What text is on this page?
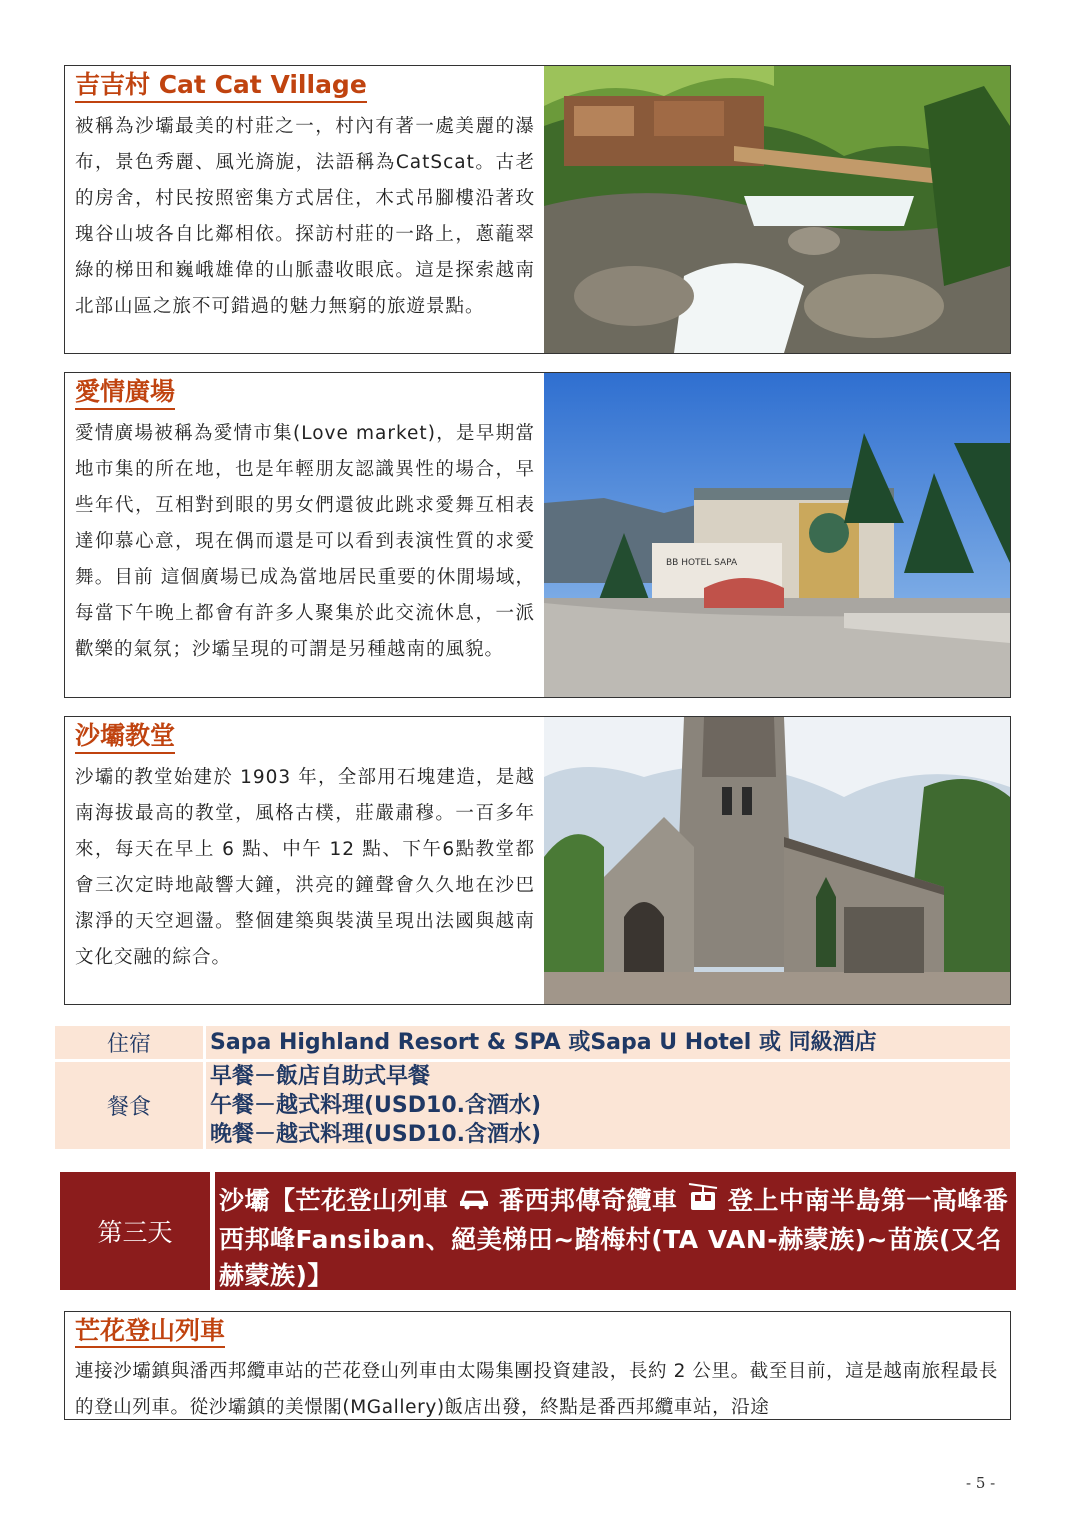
吉吉村 Cat Cat Village

被稱為沙壩最美的村莊之一，村內有著一處美麗的瀑布，景色秀麗、風光旖旎，法語稱為CatScat。古老的房舍，村民按照密集方式居住，木式吊腳樓沿著玫瑰谷山坡各自比鄰相依。探訪村莊的一路上，蔥蘢翠綠的梯田和巍峨雄偉的山脈盡收眼底。這是探索越南北部山區之旅不可錯過的魅力無窮的旅遊景點。

愛情廣場

愛情廣場被稱為愛情市集(Love market)，是早期當地市集的所在地，也是年輕朋友認識異性的場合，早些年代，互相對到眼的男女們還彼此跳求愛舞互相表達仰慕心意，現在偶而還是可以看到表演性質的求愛舞。目前 這個廣場已成為當地居民重要的休閒場域，每當下午晚上都會有許多人聚集於此交流休息，一派歡樂的氣氛；沙壩呈現的可謂是另種越南的風貌。

BB HOTEL SAPA
沙壩教堂

沙壩的教堂始建於 1903 年，全部用石塊建造，是越南海拔最高的教堂，風格古樸，莊嚴肅穆。一百多年來，每天在早上 6 點、中午 12 點、下午6點教堂都會三次定時地敲響大鐘，洪亮的鐘聲會久久地在沙巴潔淨的天空迴盪。整個建築與裝潢呈現出法國與越南文化交融的綜合。

住宿	Sapa Highland Resort & SPA 或Sapa U Hotel 或 同級酒店
餐食
早餐－飯店自助式早餐
午餐－越式料理(USD10.含酒水)
晚餐－越式料理(USD10.含酒水)
第三天
沙壩【芒花登山列車 番西邦傳奇纜車 登上中南半島第一高峰番西邦峰Fansiban、絕美梯田~踏梅村(TA VAN-赫蒙族)~苗族(又名赫蒙族)】
芒花登山列車

連接沙壩鎮與潘西邦纜車站的芒花登山列車由太陽集團投資建設，長約 2 公里。截至目前，這是越南旅程最長的登山列車。從沙壩鎮的美憬閣(MGallery)飯店出發，終點是番西邦纜車站，沿途

- 5 -
